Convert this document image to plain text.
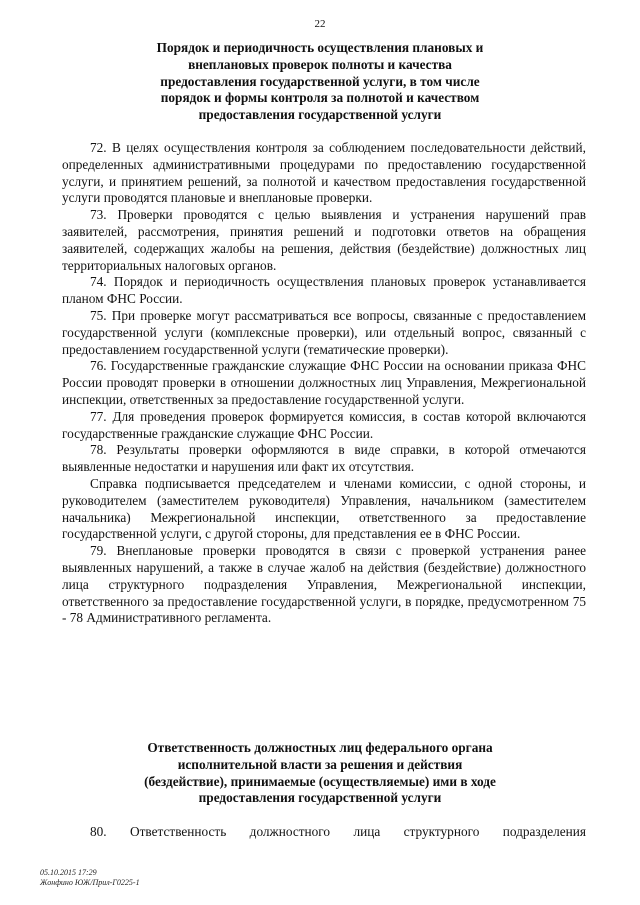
22
Порядок и периодичность осуществления плановых и
внеплановых проверок полноты и качества
предоставления государственной услуги, в том числе
порядок и формы контроля за полнотой и качеством
предоставления государственной услуги

72. В целях осуществления контроля за соблюдением последовательности действий, определенных административными процедурами по предоставлению государственной услуги, и принятием решений, за полнотой и качеством предоставления государственной услуги проводятся плановые и внеплановые проверки.

73. Проверки проводятся с целью выявления и устранения нарушений прав заявителей, рассмотрения, принятия решений и подготовки ответов на обращения заявителей, содержащих жалобы на решения, действия (бездействие) должностных лиц территориальных налоговых органов.

74. Порядок и периодичность осуществления плановых проверок устанавливается планом ФНС России.

75. При проверке могут рассматриваться все вопросы, связанные с предоставлением государственной услуги (комплексные проверки), или отдельный вопрос, связанный с предоставлением государственной услуги (тематические проверки).

76. Государственные гражданские служащие ФНС России на основании приказа ФНС России проводят проверки в отношении должностных лиц Управления, Межрегиональной инспекции, ответственных за предоставление государственной услуги.

77. Для проведения проверок формируется комиссия, в состав которой включаются государственные гражданские служащие ФНС России.

78. Результаты проверки оформляются в виде справки, в которой отмечаются выявленные недостатки и нарушения или факт их отсутствия.

Справка подписывается председателем и членами комиссии, с одной стороны, и руководителем (заместителем руководителя) Управления, начальником (заместителем начальника) Межрегиональной инспекции, ответственного за предоставление государственной услуги, с другой стороны, для представления ее в ФНС России.

79. Внеплановые проверки проводятся в связи с проверкой устранения ранее выявленных нарушений, а также в случае жалоб на действия (бездействие) должностного лица структурного подразделения Управления, Межрегиональной инспекции, ответственного за предоставление государственной услуги, в порядке, предусмотренном 75 - 78 Административного регламента.

Ответственность должностных лиц федерального органа
исполнительной власти за решения и действия
(бездействие), принимаемые (осуществляемые) ими в ходе
предоставления государственной услуги
80. Ответственность должностного лица структурного подразделения
05.10.2015 17:29
Жонфино ЮЖ/Прил-Г0225-1
